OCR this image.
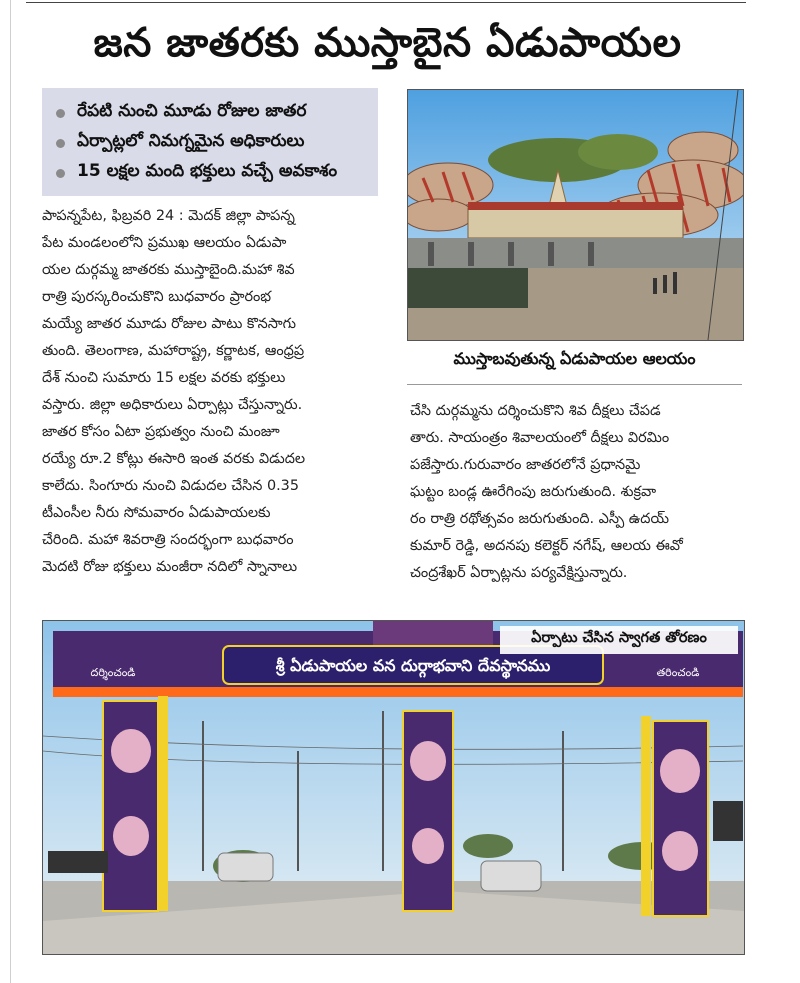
జన జాతరకు ముస్తాబైన ఏడుపాయల
రేపటి నుంచి మూడు రోజుల జాతర
ఏర్పాట్లలో నిమగ్నమైన అధికారులు
15 లక్షల మంది భక్తులు వచ్చే అవకాశం
పాపన్నపేట, ఫిబ్రవరి 24 : మెదక్ జిల్లా పాపన్న
పేట మండలంలోని ప్రముఖ ఆలయం ఏడుపా
యల దుర్గమ్మ జాతరకు ముస్తాబైంది.మహా శివ
రాత్రి పురస్కరించుకొని బుధవారం ప్రారంభ
మయ్యే జాతర మూడు రోజుల పాటు కొనసాగు
తుంది. తెలంగాణ, మహారాష్ట్ర, కర్ణాటక, ఆంధ్రప్ర
దేశ్ నుంచి సుమారు 15 లక్షల వరకు భక్తులు
వస్తారు. జిల్లా అధికారులు ఏర్పాట్లు చేస్తున్నారు.
జాతర కోసం ఏటా ప్రభుత్వం నుంచి మంజూ
రయ్యే రూ.2 కోట్లు ఈసారి ఇంత వరకు విడుదల
కాలేదు. సింగూరు నుంచి విడుదల చేసిన 0.35
టీఎంసీల నీరు సోమవారం ఏడుపాయలకు
చేరింది. మహా శివరాత్రి సందర్భంగా బుధవారం
మెదటి రోజు భక్తులు మంజీరా నదిలో స్నానాలు
ముస్తాబవుతున్న ఏడుపాయల ఆలయం
చేసి దుర్గమ్మను దర్శించుకొని శివ దీక్షలు చేపడ
తారు. సాయంత్రం శివాలయంలో దీక్షలు విరమిం
పజేస్తారు.గురువారం జాతరలోనే ప్రధానమై
ఘట్టం బండ్ల ఊరేగింపు జరుగుతుంది. శుక్రవా
రం రాత్రి రథోత్సవం జరుగుతుంది. ఎస్పీ ఉదయ్
కుమార్ రెడ్డి, అదనపు కలెక్టర్ నగేష్, ఆలయ ఈవో
చంద్రశేఖర్ ఏర్పాట్లను పర్యవేక్షిస్తున్నారు.
శ్రీ ఏడుపాయల వన దుర్గాభవాని దేవస్థానము
దర్శించండి	తరించండి
ఏర్పాటు చేసిన స్వాగత తోరణం
